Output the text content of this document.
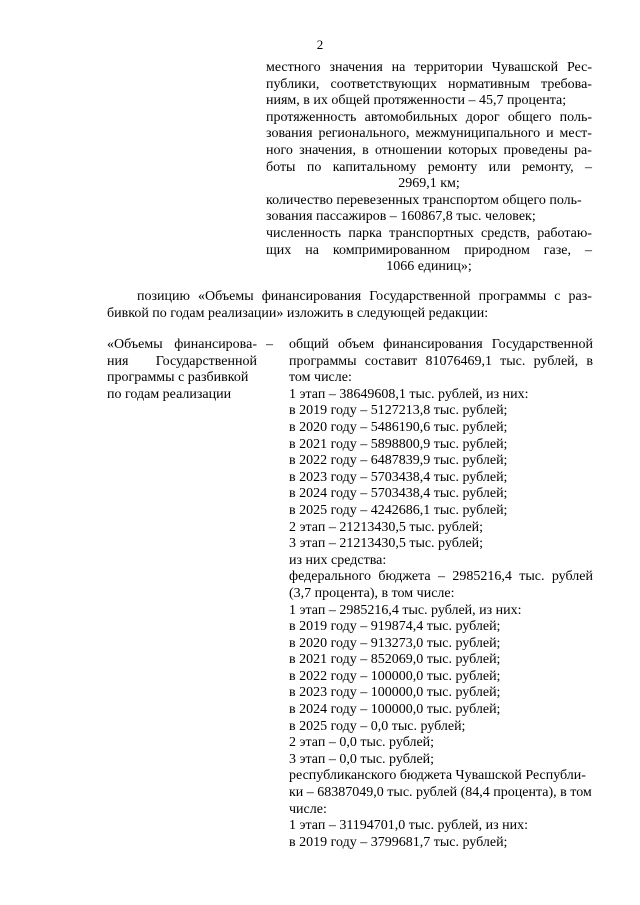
2
местного значения на территории Чувашской Рес-
публики, соответствующих нормативным требова-
ниям, в их общей протяженности – 45,7 процента;
протяженность автомобильных дорог общего поль-
зования регионального, межмуниципального и мест-
ного значения, в отношении которых проведены ра-
боты по капитальному ремонту или ремонту, –
2969,1 км;
количество перевезенных транспортом общего поль-
зования пассажиров – 160867,8 тыс. человек;
численность парка транспортных средств, работаю-
щих на компримированном природном газе, –
1066 единиц»;
позицию «Объемы финансирования Государственной программы с раз-
бивкой по годам реализации» изложить в следующей редакции:
«Объемы финансирова-
ния Государственной
программы с разбивкой
по годам реализации
– общий объем финансирования Государственной
программы составит 81076469,1 тыс. рублей, в
том числе:
1 этап – 38649608,1 тыс. рублей, из них:
в 2019 году – 5127213,8 тыс. рублей;
в 2020 году – 5486190,6 тыс. рублей;
в 2021 году – 5898800,9 тыс. рублей;
в 2022 году – 6487839,9 тыс. рублей;
в 2023 году – 5703438,4 тыс. рублей;
в 2024 году – 5703438,4 тыс. рублей;
в 2025 году – 4242686,1 тыс. рублей;
2 этап – 21213430,5 тыс. рублей;
3 этап – 21213430,5 тыс. рублей;
из них средства:
федерального бюджета – 2985216,4 тыс. рублей
(3,7 процента), в том числе:
1 этап – 2985216,4 тыс. рублей, из них:
в 2019 году – 919874,4 тыс. рублей;
в 2020 году – 913273,0 тыс. рублей;
в 2021 году – 852069,0 тыс. рублей;
в 2022 году – 100000,0 тыс. рублей;
в 2023 году – 100000,0 тыс. рублей;
в 2024 году – 100000,0 тыс. рублей;
в 2025 году – 0,0 тыс. рублей;
2 этап – 0,0 тыс. рублей;
3 этап – 0,0 тыс. рублей;
республиканского бюджета Чувашской Республи-
ки – 68387049,0 тыс. рублей (84,4 процента), в том
числе:
1 этап – 31194701,0 тыс. рублей, из них:
в 2019 году – 3799681,7 тыс. рублей;
